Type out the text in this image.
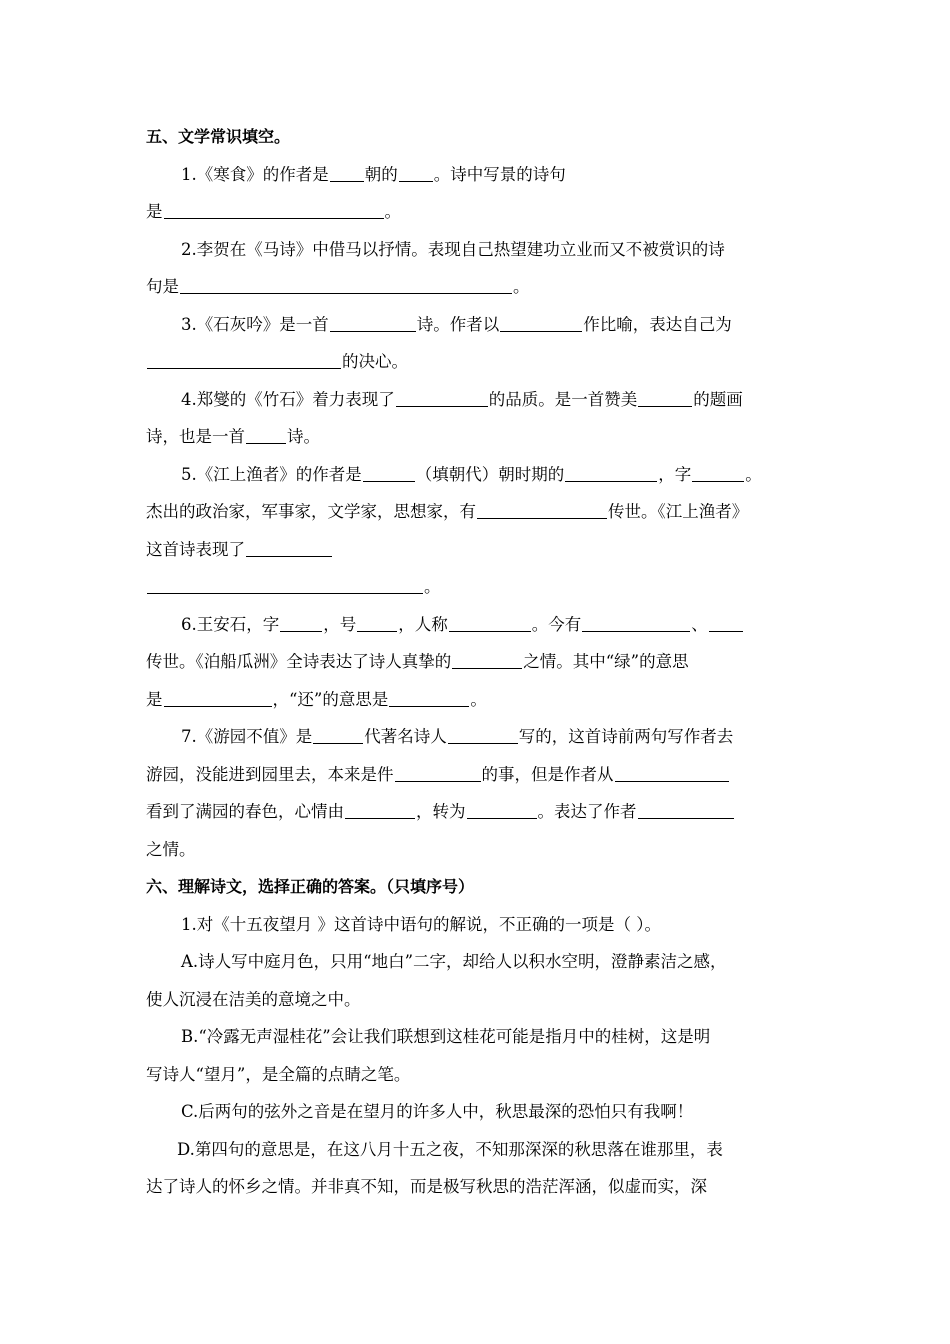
五、文学常识填空。
1.《寒食》的作者是 朝的 。诗中写景的诗句
是	。
2.李贺在《马诗》中借马以抒情。表现自己热望建功立业而又不被赏识的诗
句是	。
3.《石灰吟》是一首	诗。作者以	作比喻，表达自己为
的决心。
4.郑燮的《竹石》着力表现了	的品质。是一首赞美	的题画
诗，也是一首	诗。
5.《江上渔者》的作者是	（填朝代）朝时期的	，字	。
杰出的政治家，军事家，文学家，思想家，有	传世。《江上渔者》
这首诗表现了
。
6.王安石，字	，号	，人称	。今有	、
传世。《泊船瓜洲》全诗表达了诗人真挚的	之情。其中“绿”的意思
是	，“还”的意思是	。
7.《游园不值》是	代著名诗人	写的，这首诗前两句写作者去
游园，没能进到园里去，本来是件	的事，但是作者从
看到了满园的春色，心情由	，转为	。表达了作者
之情。
六、理解诗文，选择正确的答案。（只填序号）
1.对《十五夜望月 》这首诗中语句的解说，不正确的一项是（ ）。
A.诗人写中庭月色，只用“地白”二字，却给人以积水空明，澄静素洁之感，
使人沉浸在洁美的意境之中。
B.“冷露无声湿桂花”会让我们联想到这桂花可能是指月中的桂树，这是明
写诗人“望月”，是全篇的点睛之笔。
C.后两句的弦外之音是在望月的许多人中，秋思最深的恐怕只有我啊！
D.第四句的意思是，在这八月十五之夜，不知那深深的秋思落在谁那里，表
达了诗人的怀乡之情。并非真不知，而是极写秋思的浩茫浑涵，似虚而实，深
